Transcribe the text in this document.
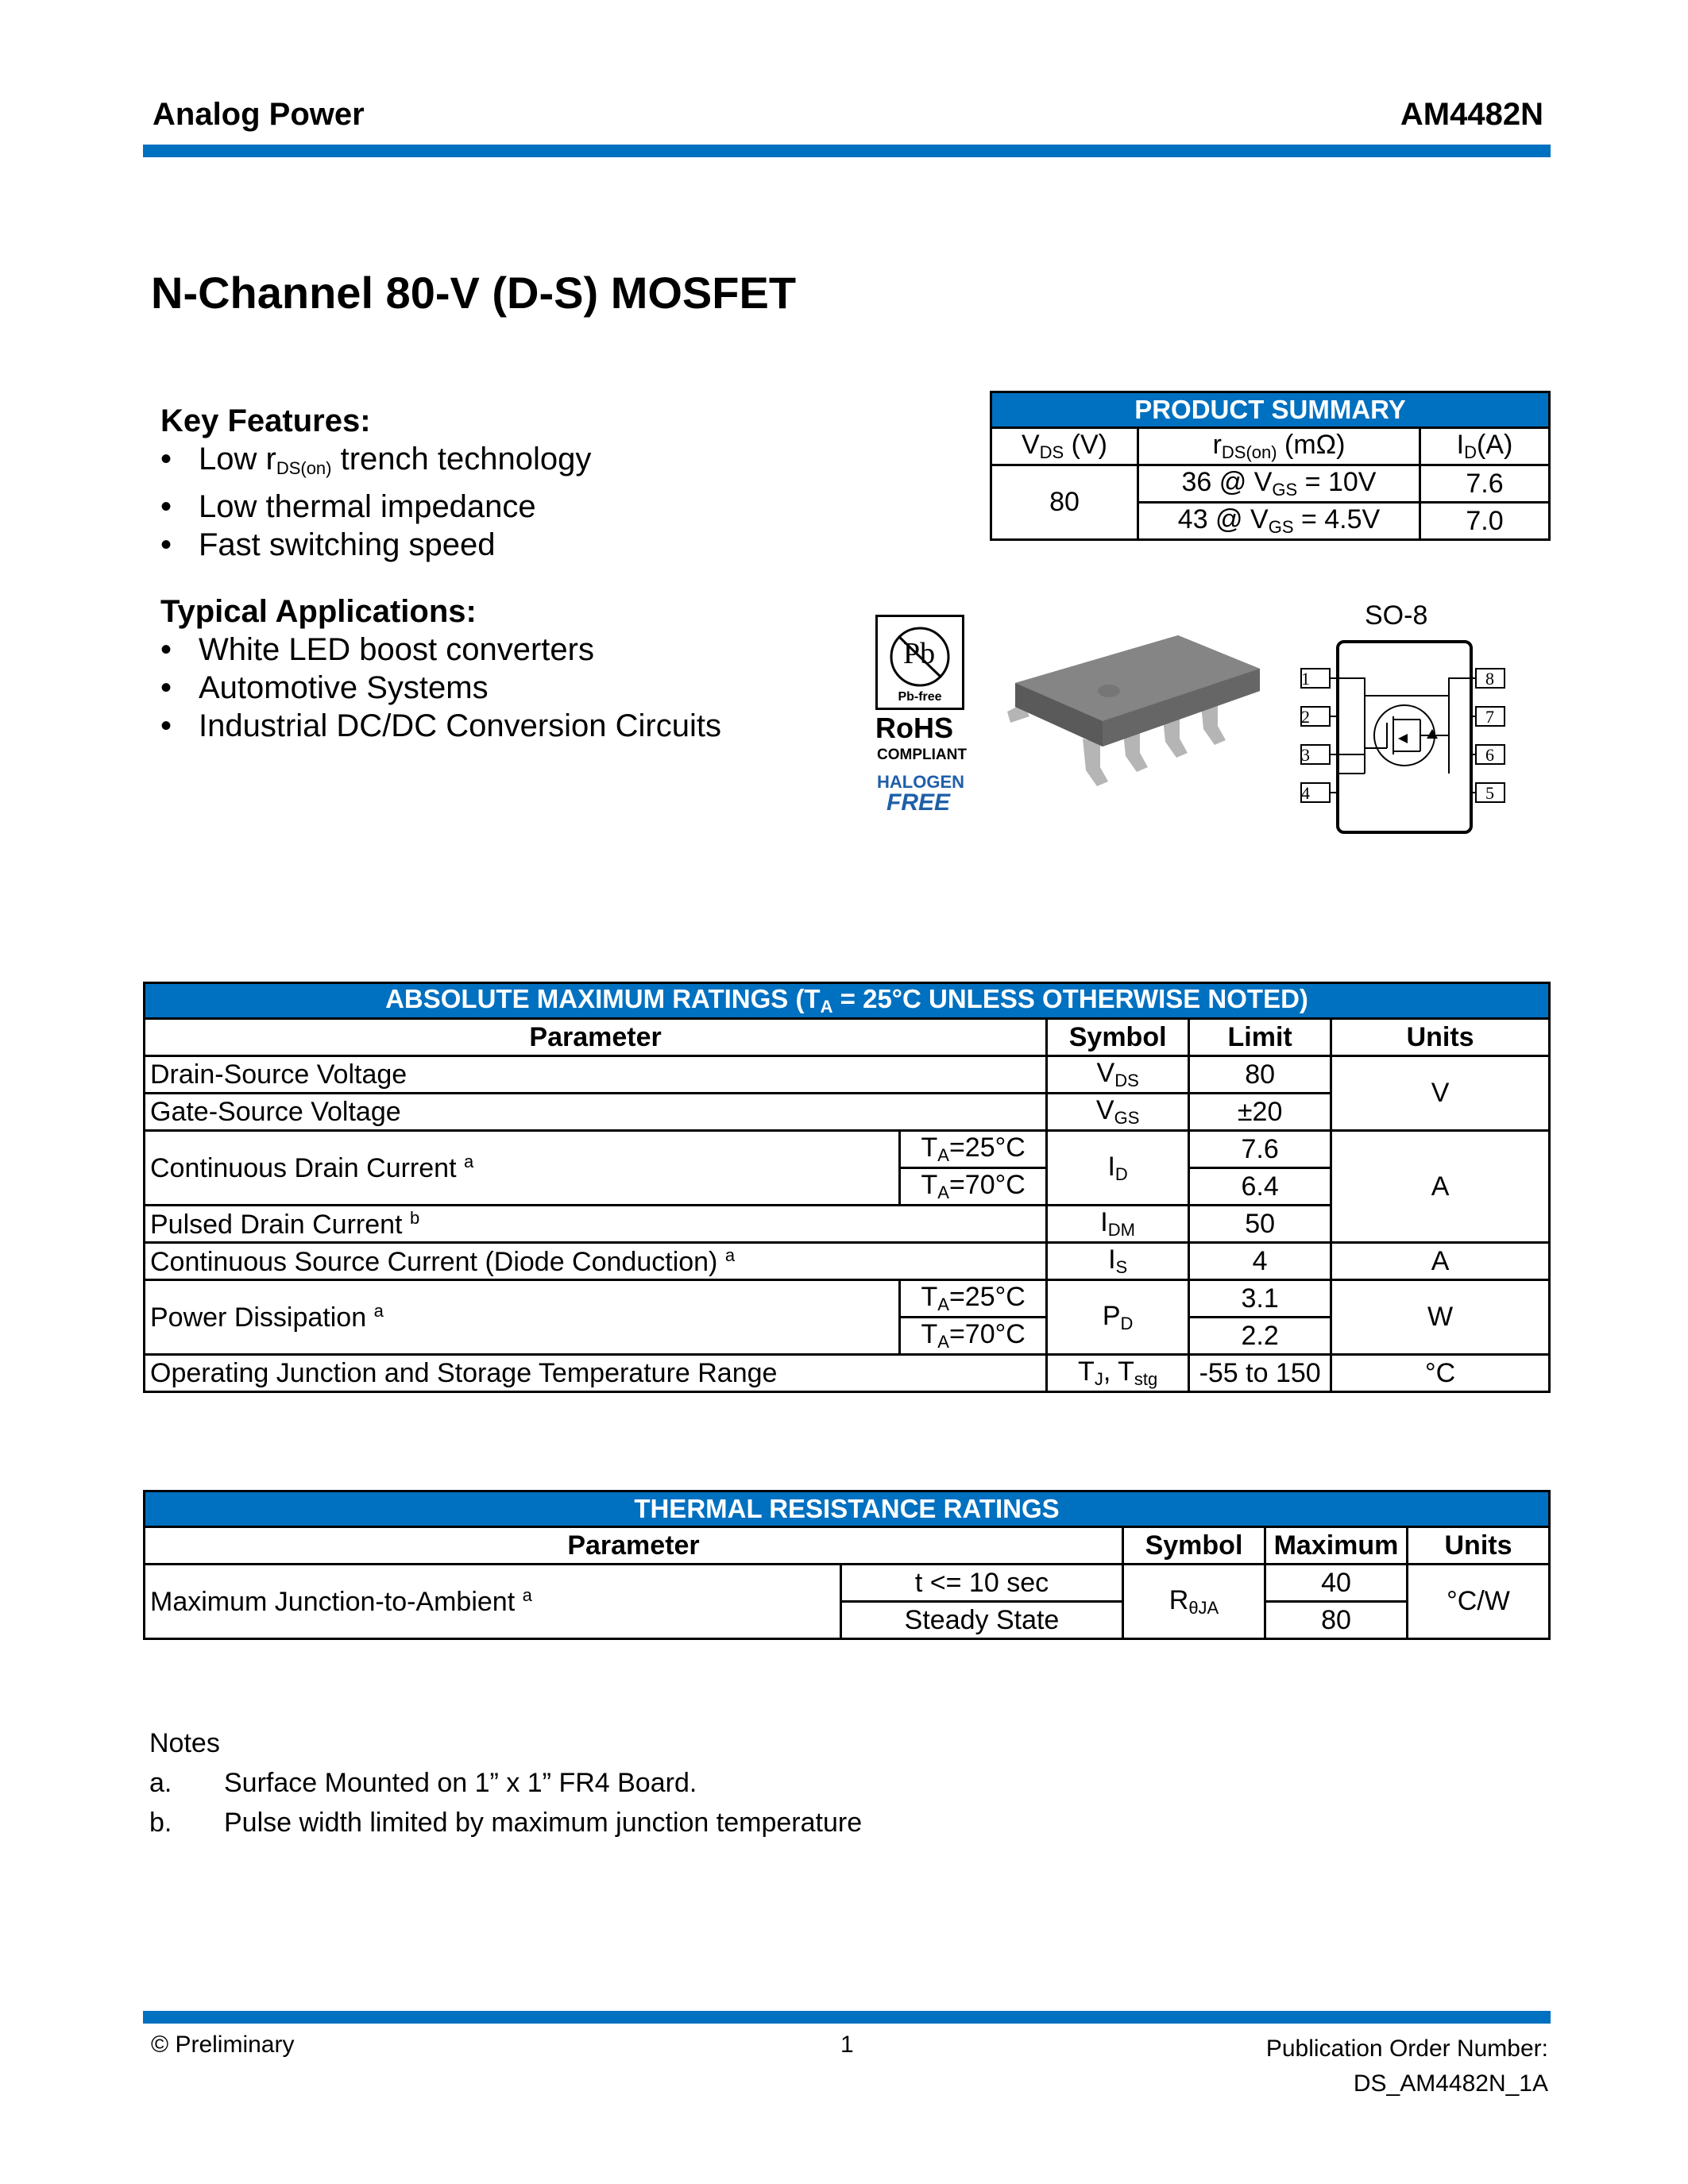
Analog Power	AM4482N
N-Channel 80-V (D-S) MOSFET
Key Features:
• Low $r_{DS(on)}$ trench technology
• Low thermal impedance
• Fast switching speed
Typical Applications:
• White LED boost converters
• Automotive Systems
• Industrial DC/DC Conversion Circuits
PRODUCT SUMMARY		
$V_{DS}$ (V)	$r_{DS(on)}$ (mΩ)	$I_D(A)$
80	36 @ $V_{GS} = 10V$	7.6
	43 @ $V_{GS} = 4.5V$	7.0
Pb
Pb-free
RoHS
COMPLIANT
HALOGEN
FREE
SO-8
1
2
3
4
8
7
6
5
ABSOLUTE MAXIMUM RATINGS ($T_A = 25^\circ C$ UNLESS OTHERWISE NOTED)				
Parameter		Symbol	Limit	Units
Drain-Source Voltage		$V_{DS}$	80	V
Gate-Source Voltage		$V_{GS}$	±20	
Continuous Drain Current $^a$	$T_A=25^\circ C$	$I_D$	7.6	A
	$T_A=70^\circ C$		6.4	
Pulsed Drain Current $^b$		$I_{DM}$	50	
Continuous Source Current (Diode Conduction) $^a$		$I_S$	4	A
Power Dissipation $^a$	$T_A=25^\circ C$	$P_D$	3.1	W
	$T_A=70^\circ C$		2.2	
Operating Junction and Storage Temperature Range		$T_J$, $T_{stg}$	-55 to 150	°C
THERMAL RESISTANCE RATINGS				
Parameter		Symbol	Maximum	Units
Maximum Junction-to-Ambient $^a$	t <= 10 sec	$R_{\theta JA}$	40	°C/W
	Steady State		80	
Notes
a.	Surface Mounted on 1” x 1” FR4 Board.
b.	Pulse width limited by maximum junction temperature
© Preliminary	1	Publication Order Number:
DS_AM4482N_1A
